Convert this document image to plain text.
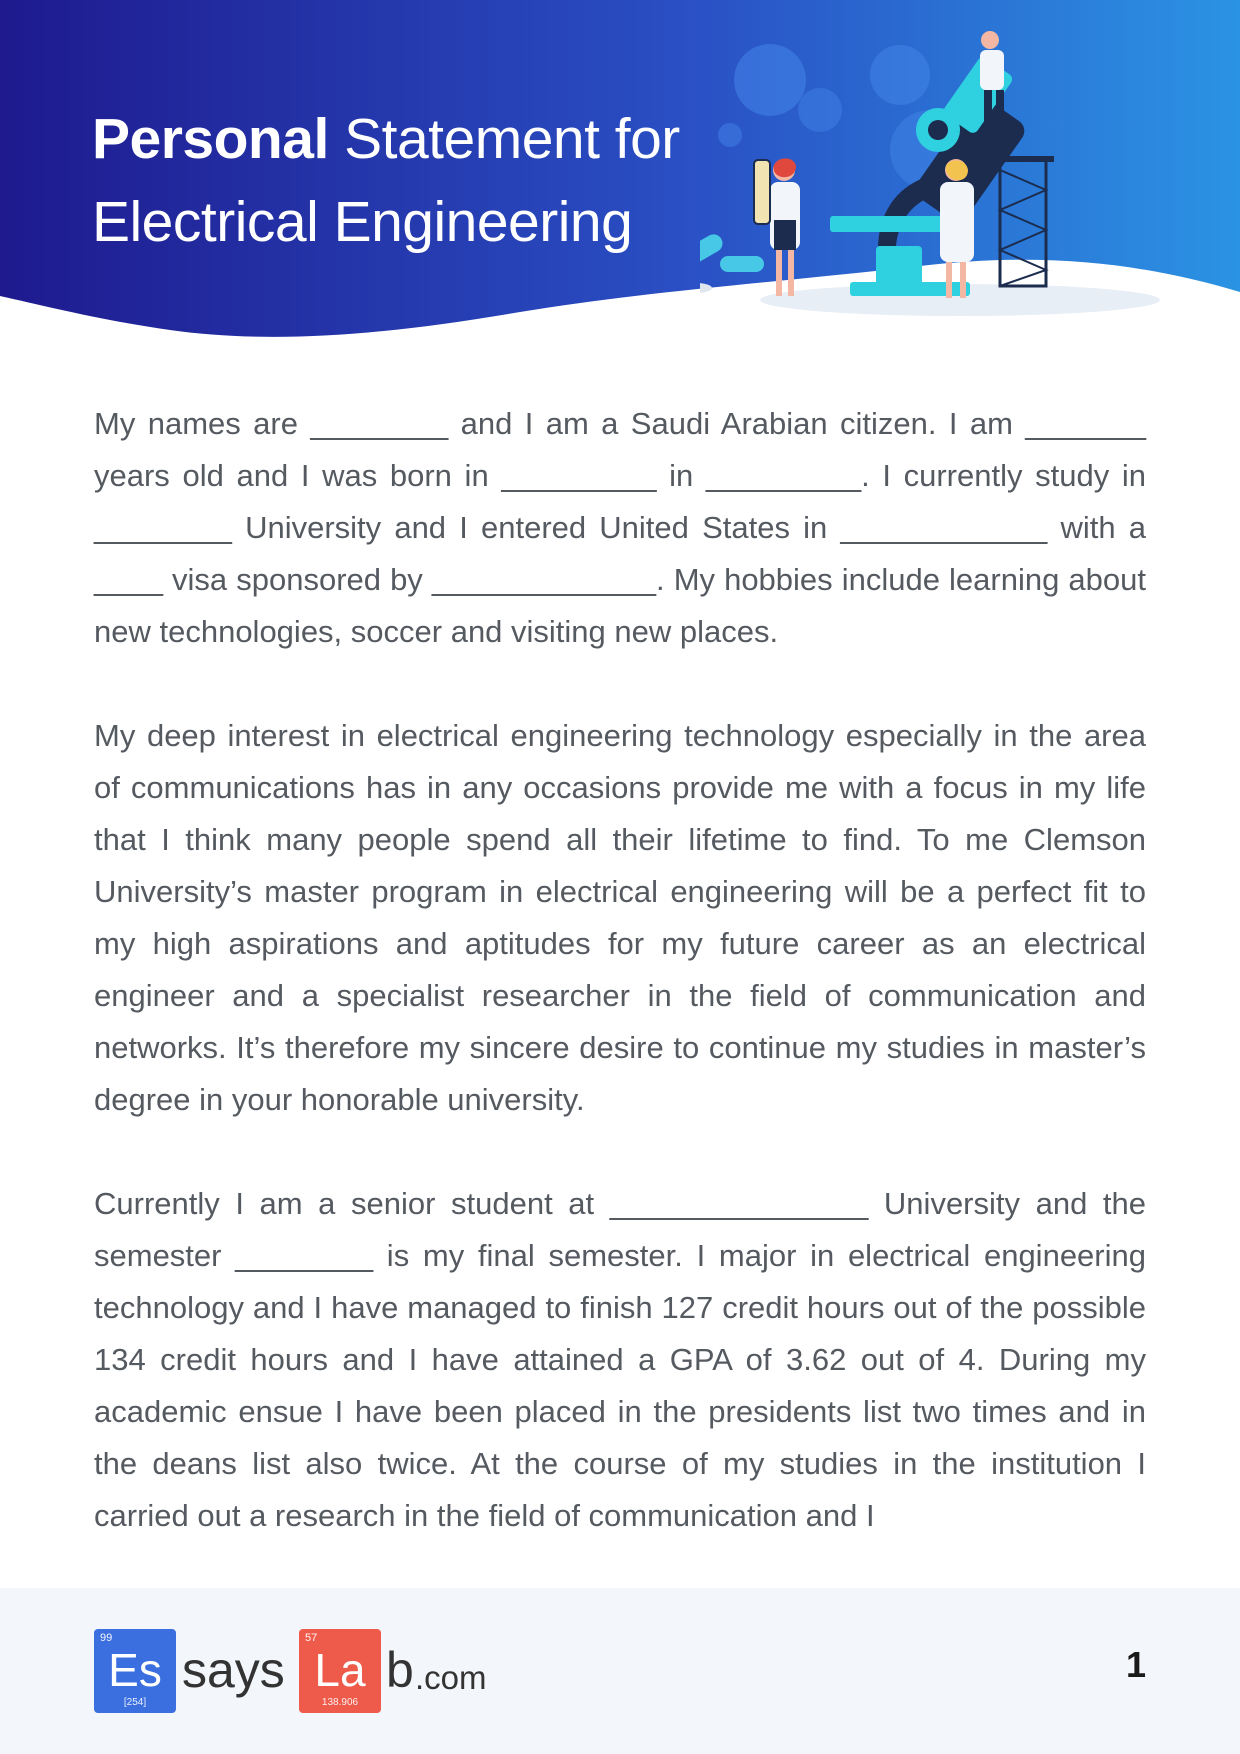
Personal Statement for
Electrical Engineering

My names are ________ and I am a Saudi Arabian citizen. I am _______ years old and I was born in _________ in _________. I currently study in ________ University and I entered United States in ____________ with a ____ visa sponsored by _____________. My hobbies include learning about new technologies, soccer and visiting new places.

My deep interest in electrical engineering technology especially in the area of communications has in any occasions provide me with a focus in my life that I think many people spend all their lifetime to find. To me Clemson University’s master program in electrical engineering will be a perfect fit to my high aspirations and aptitudes for my future career as an electrical engineer and a specialist researcher in the field of communication and networks. It’s therefore my sincere desire to continue my studies in master’s degree in your honorable university.

Currently I am a senior student at _______________ University and the semester ________ is my final semester. I major in electrical engineering technology and I have managed to finish 127 credit hours out of the possible 134 credit hours and I have attained a GPA of 3.62 out of 4. During my academic ensue I have been placed in the presidents list two times and in the deans list also twice. At the course of my studies in the institution I carried out a research in the field of communication and I

99
Es
[254]
says
57
La
138.906
b .com	1
